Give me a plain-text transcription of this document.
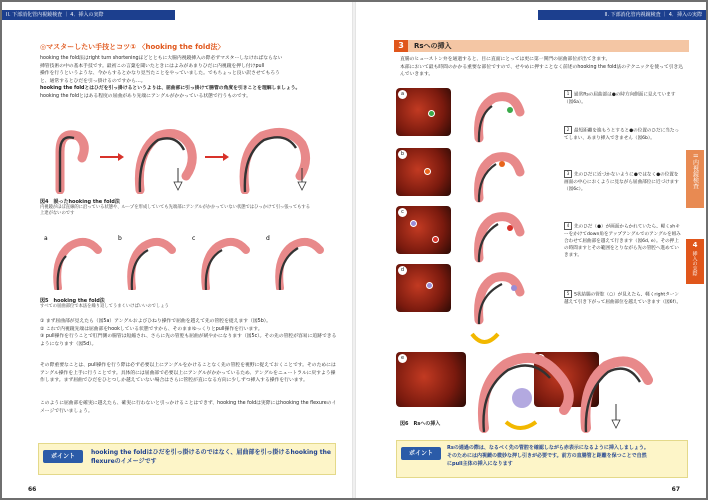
II. 下部消化管内視鏡検査 ｜ 4．挿入の実際
◎マスターしたい手技とコツ① 〈hooking the fold法〉
hooking the fold法はright turn shorteningほどとともに大腸内視鏡挿入の際必ずマスターしなければならない
挿管技術の中の基本手技です。最初この言葉を聞いたときにはよみがあまりひだに内視鏡を押し付けpull
操作を行うというような、今からするとかなり見当たことをやっていました。でもちょっと良い訳させてもろう
と、通常するとひだを引っ掛けるのですから…。
hooking the foldとはひだを引っ掛けるというよりは、屈曲部に引っ掛けて腸管の角度を引きことを理解しましょう。
hooking the foldとはある程度の屈曲があり先端にアングルがかかっている状態で行うものです。
図4　誤ったhooking the fold法
内視鏡がほぼ直線的に沿っている状態や、ループを形成していても先端部にアングルがかかっていない状態ではひっかけて引っ張ってもする上達がないのです
a	b	c	d
図5　hooking the fold法
すべての屈曲部位で本法を繰り返してうまくいけばいいのでしょう
① まず屈曲部が見えたら（図5a）アングルおよびひねり操作で屈曲を越えて先の管腔を捉えます（図5b）。
② これで内視鏡先端は屈曲部をhookしている状態ですから、そのままゆっくりとpull操作を行います。
③ pull操作を行うことで肛門側の腸管は短縮され、さらに先の管腔も屈曲が緩やかになります（図5c）。その先の管腔が容易に追跡できるようになります（図5d）。
その際重要なことは、pull操作を行う際は必ず必要以上にアングルをかけることなく先の管腔を視野に捉えておくことです。そのためにはアングル操作を上手に行うことです。具体的には屈曲部で必要以上にアングルがかかっているため、アングルをニュートラルに戻すよう操作します。まず屈曲でひだをひとつしか越えていない場合はさらに管腔が直になる方向に少しずつ挿入する操作を行います。
このように屈曲部を確実に越えたら、確実に行わないと引っかけることはできず、hooking the foldは実際にはhooking the flexureのイメージで行いましょう。
ポイント
hooking the foldはひだを引っ掛けるのではなく、屈曲部を引っ掛けるhooking the
flexureのイメージです
66
II. 下部消化管内視鏡検査 ｜ 4．挿入の実際
3	Rsへの挿入
直腸のヒューストン弁を通過すると、目に直面にとっては更に第一関門の屈曲部位が出てきます。
本部において最も時間のかかる重要な部位ですので、せやめに押すことなく前述のhooking the fold法のテクニックを使って引き込んでいきます。
a
b
c
d
e	f
1 通常Rsの屈曲部は●の時方向側面に見えています（図6a）。
2 最短距離を進もうとすると●の位置のひだに当たってしまい、あまり挿入できません（図6b）。
3 先のひだに近づかないように●ではなく●の位置を画面の中心におくように見ながら屈曲部位に近づけます（図6c）。
4 先のひだ（●）が画面からかれていたら、軽くshキーをかけてdown角をアップアングルでのアングルを組み合わせて屈曲部を越えて行きます（図6d, e）。その押上の時間ますとその範囲をとりながら先の管腔へ進めていきます。
5 S状結腸の管腔（○）が見えたら、軽くrightターン越えて引き下がって屈曲部位を越えていきます（図6f）。
図6　Rsへの挿入
ポイント
Rsの通過の際は、なるべく先の管腔を確認しながら赤表示になるように挿入しましょう。
そのためには内視鏡の微妙な押し引きが必要です。前方の直腸管と距離を保つことで自然
にpull主体の挿入になります
II 内視鏡検査
4
挿入の実際
67
